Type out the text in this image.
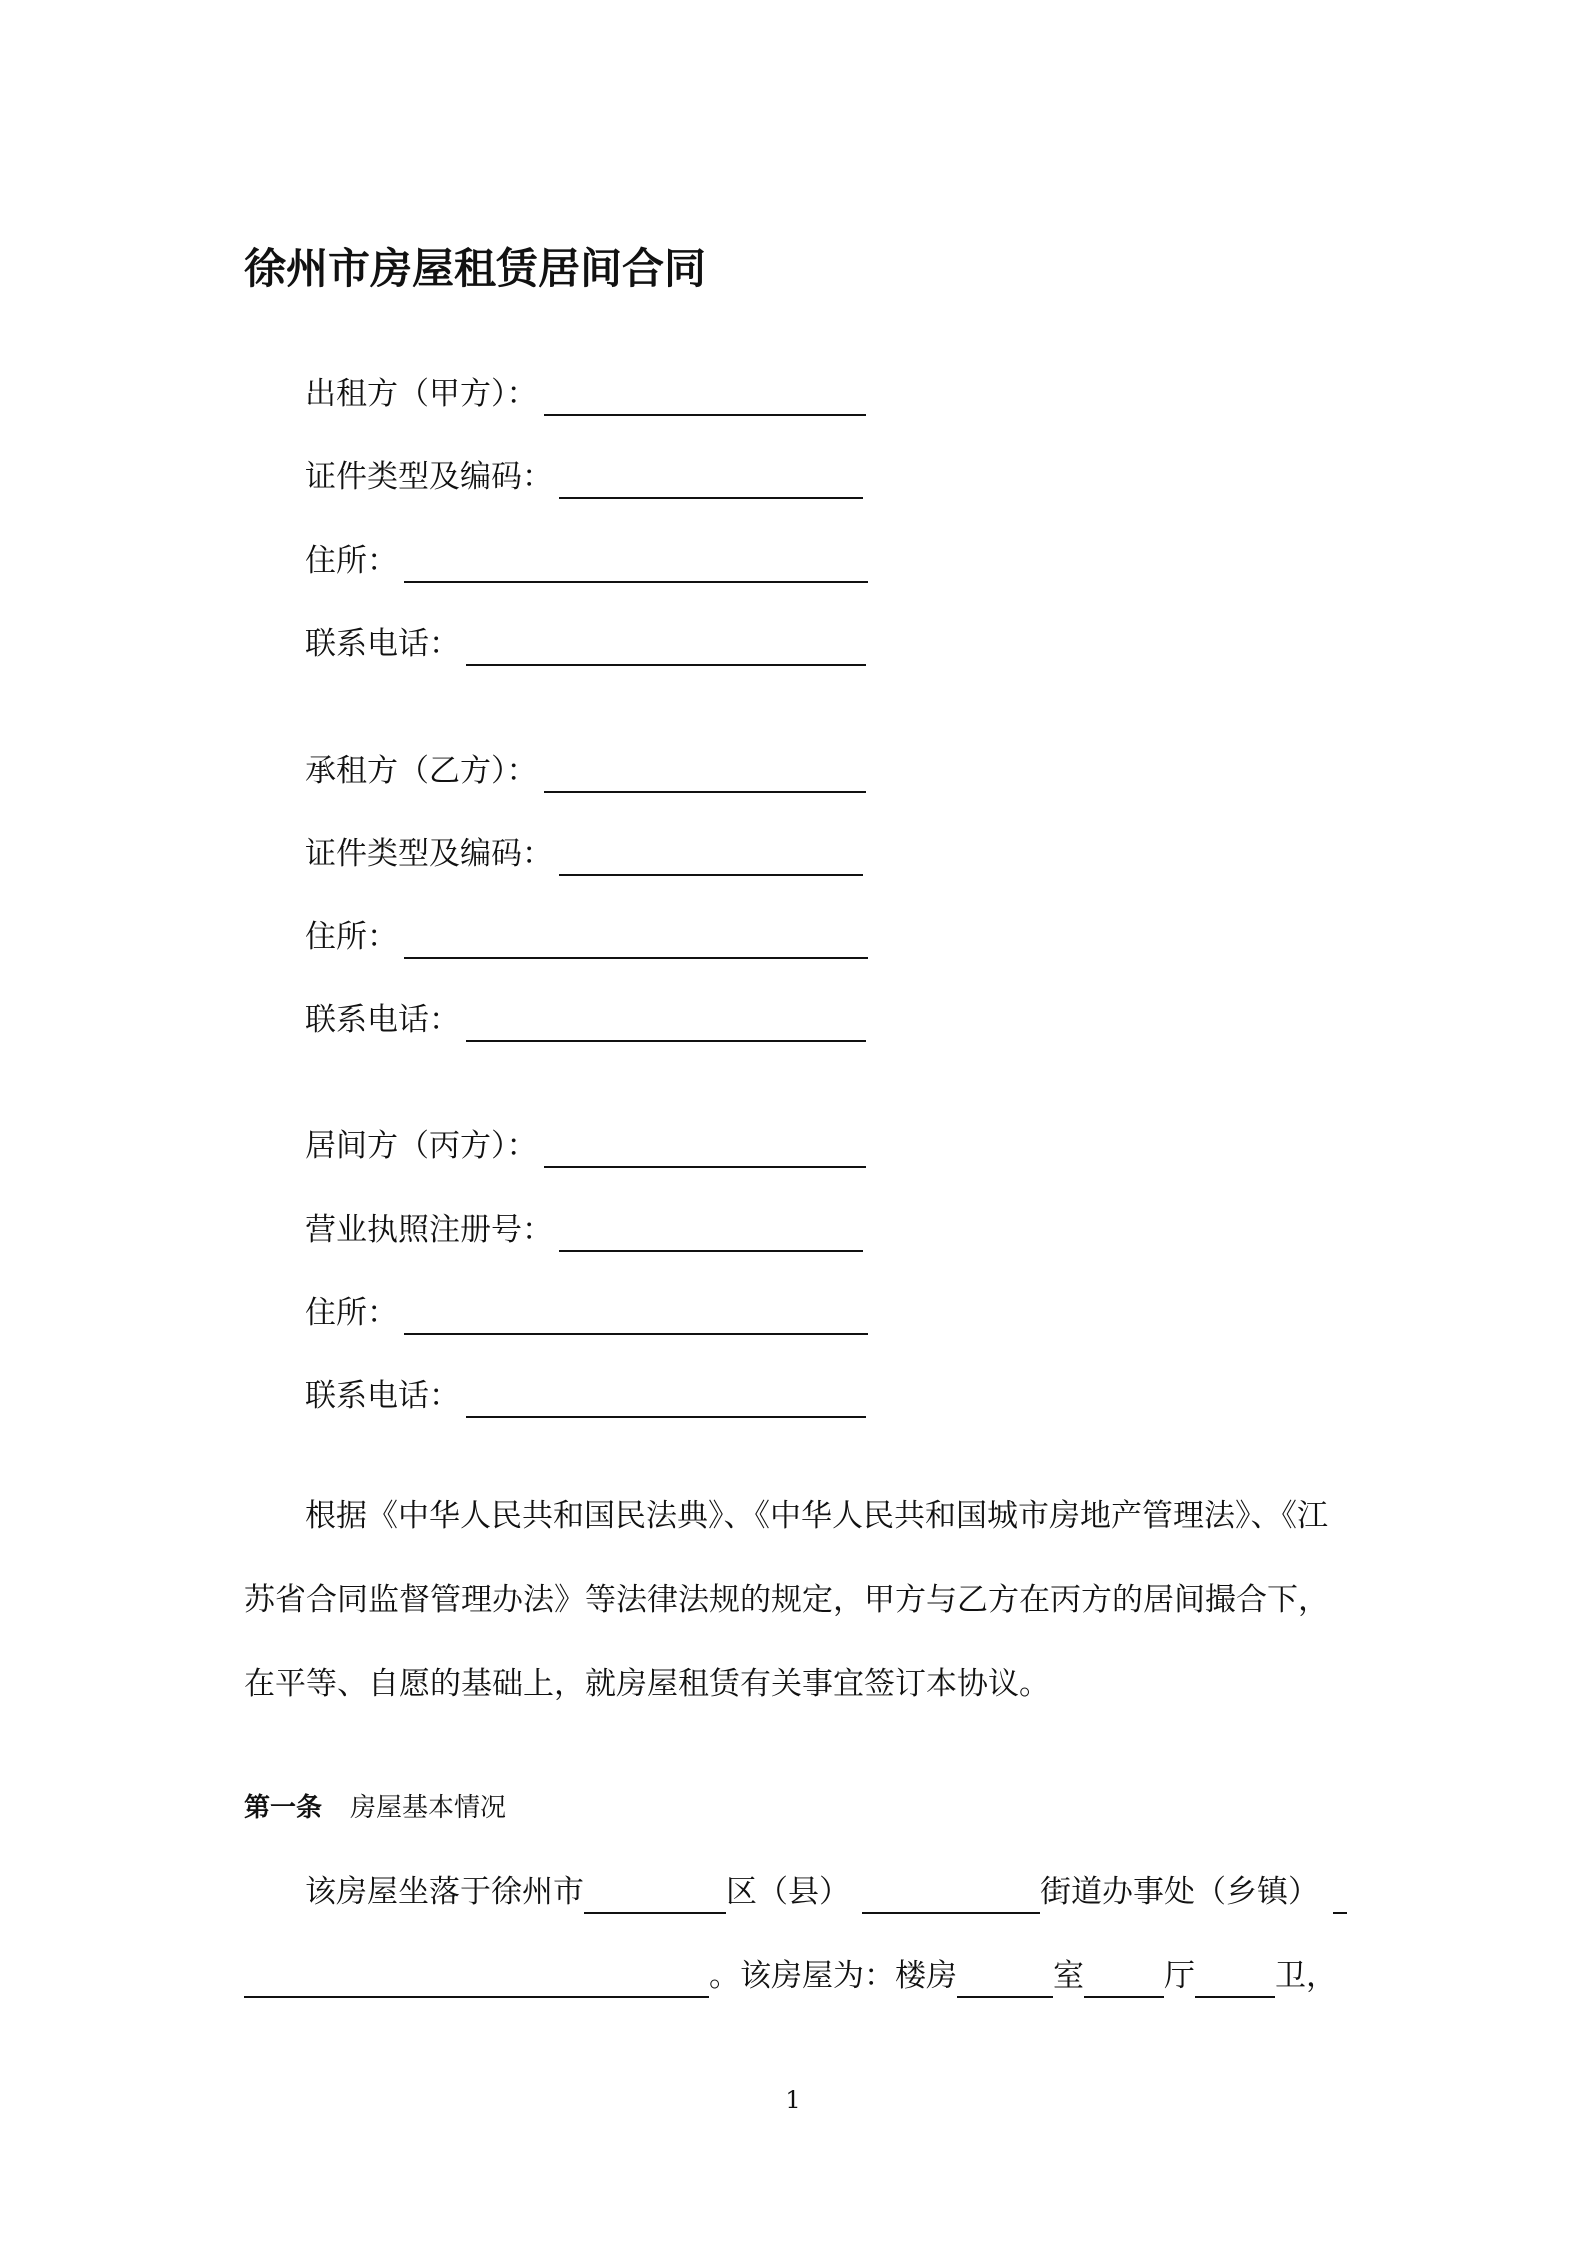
徐州市房屋租赁居间合同
出租方（甲方）：
证件类型及编码：
住所：
联系电话：
承租方（乙方）：
证件类型及编码：
住所：
联系电话：
居间方（丙方）：
营业执照注册号：
住所：
联系电话：
根据《中华人民共和国民法典》、《中华人民共和国城市房地产管理法》、《江
苏省合同监督管理办法》等法律法规的规定，甲方与乙方在丙方的居间撮合下，
在平等、自愿的基础上，就房屋租赁有关事宜签订本协议。
第一条 房屋基本情况
该房屋坐落于徐州市	区（县）	街道办事处（乡镇）
。该房屋为：楼房	室	厅	卫，
1
